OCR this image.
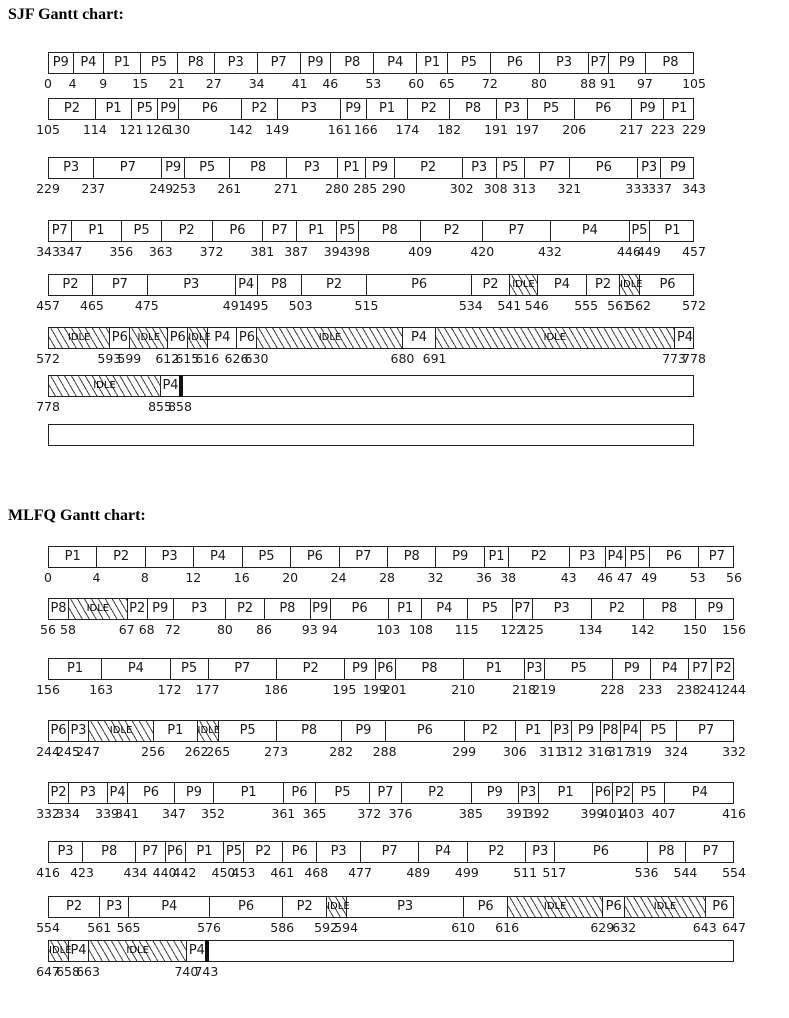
SJF Gantt chart:
P9 P4	P1	P5	P8	P3	P7	P9	P8	P4	P1	P5	P6	P3	P7 P9	P8
0 4 9 15 21 27 34 41 46 53 60 65 72	80	88 91 97 105
P2	P1	P5 P9	P6	P2	P3	P9	P1	P2	P8	P3	P5	P6	P9	P1
105 114 121 126
130	142 149	161 166 174 182 191 197 206	217 223 229
P3	P7	P9	P5	P8	P3	P1 P9	P2	P3	P5	P7	P6	P3 P9
229 237	249
253 261	271 280 285 290	302 308 313 321	333
337 343
P7	P1	P5	P2	P6	P7	P1	P5	P8	P2	P7	P4	P5	P1
343
347 356 363 372 381 387 394
398	409	420	432	446
449 457
P2	P7	P3	P4	P8	P2	P6	P2	IDLE	P4	P2 IDLE	P6
457 465 475	491
495 503	515	534 541 546 555 561
562 572
IDLE	P6 IDLE P6 IDLE P4 P6	IDLE	P4	IDLE	P4
572	593
599 612
615
616 626
630	680 691	773
778
IDLE	P4
778	855
858
MLFQ Gantt chart:
P1	P2	P3	P4	P5	P6	P7	P8	P9	P1	P2	P3 P4 P5	P6	P7
0	4	8	12	16	20	24	28	32	36 38	43 46 47 49	53 56
P8	IDLE	P2 P9	P3	P2	P8	P9	P6	P1	P4	P5	P7	P3	P2	P8	P9
56 58	67 68 72	80 86 93 94	103 108 115 122
125	134 142 150 156
P1	P4	P5	P7	P2	P9 P6	P8	P1	P3	P5	P9	P4	P7 P2
156 163	172 177	186	195 199
201	210	218
219	228 233 238
241
244
P6 P3	IDLE	P1	IDLE	P5	P8	P9	P6	P2	P1 P3 P9 P8 P4 P5	P7
244
245
247	256 262
265	273	282 288	299 306 311
312 316
317
319 324	332
P2	P3	P4	P6	P9	P1	P6	P5	P7	P2	P9	P3	P1	P6 P2 P5	P4
332
334 339
341 347 352	361 365 372 376	385 391
392 399
401
403 407	416
P3	P8	P7 P6	P1	P5	P2	P6	P3	P7	P4	P2	P3	P6	P8	P7
416 423 434 440
442 450
453 461 468 477	489 499	511 517	536 544 554
P2	P3	P4	P6	P2	IDLE	P3	P6	IDLE	P6	IDLE	P6
554 561 565	576	586 592
594	610 616	629
632	643 647
IDLE
P4	IDLE	P4
647
658
663	740
743
